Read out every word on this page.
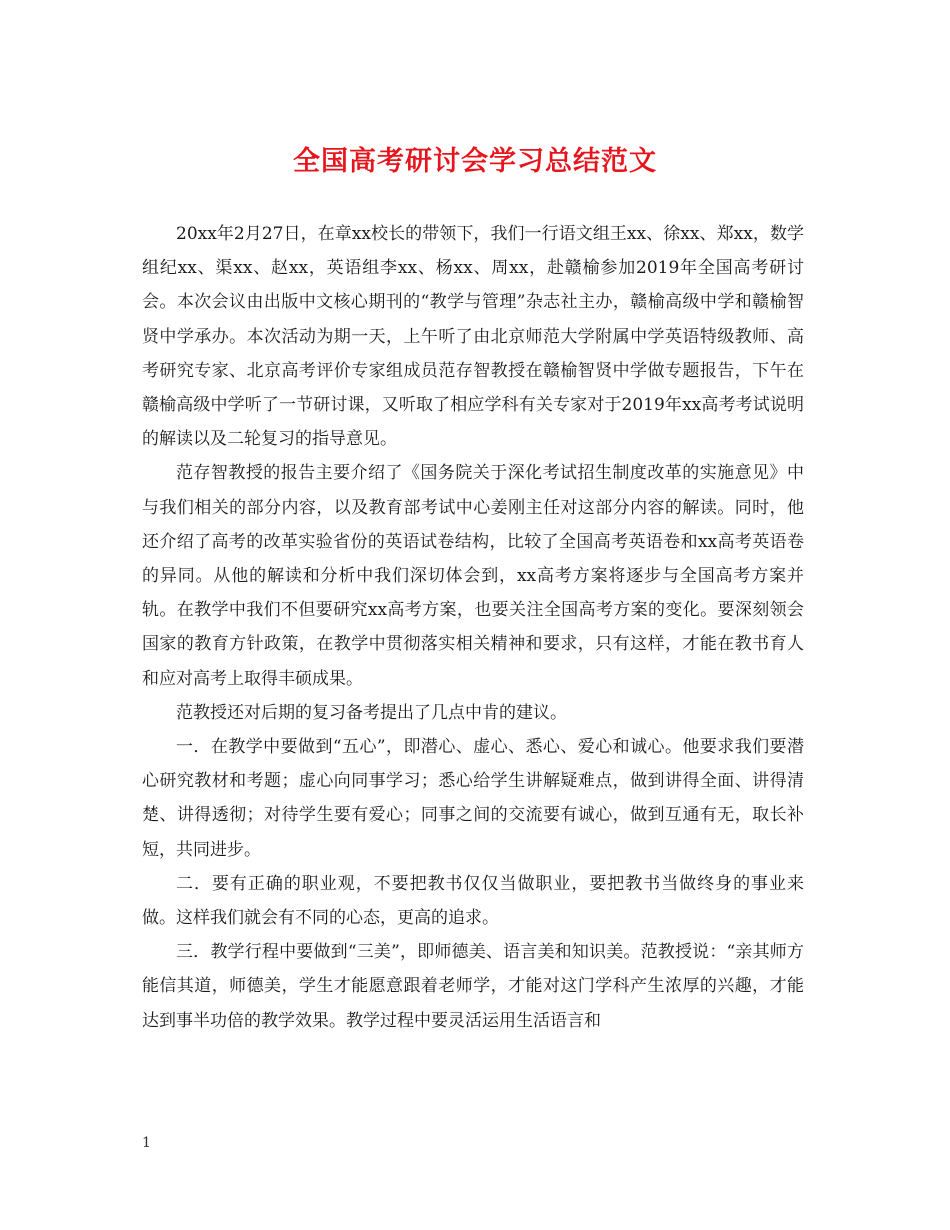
全国高考研讨会学习总结范文

20xx年2月27日，在章xx校长的带领下，我们一行语文组王xx、徐xx、郑xx，数学组纪xx、渠xx、赵xx，英语组李xx、杨xx、周xx，赴赣榆参加2019年全国高考研讨会。本次会议由出版中文核心期刊的“教学与管理”杂志社主办，赣榆高级中学和赣榆智贤中学承办。本次活动为期一天，上午听了由北京师范大学附属中学英语特级教师、高考研究专家、北京高考评价专家组成员范存智教授在赣榆智贤中学做专题报告，下午在赣榆高级中学听了一节研讨课，又听取了相应学科有关专家对于2019年xx高考考试说明的解读以及二轮复习的指导意见。

范存智教授的报告主要介绍了《国务院关于深化考试招生制度改革的实施意见》中与我们相关的部分内容，以及教育部考试中心姜刚主任对这部分内容的解读。同时，他还介绍了高考的改革实验省份的英语试卷结构，比较了全国高考英语卷和xx高考英语卷的异同。从他的解读和分析中我们深切体会到，xx高考方案将逐步与全国高考方案并轨。在教学中我们不但要研究xx高考方案，也要关注全国高考方案的变化。要深刻领会国家的教育方针政策，在教学中贯彻落实相关精神和要求，只有这样，才能在教书育人和应对高考上取得丰硕成果。

范教授还对后期的复习备考提出了几点中肯的建议。

一．在教学中要做到“五心”，即潜心、虚心、悉心、爱心和诚心。他要求我们要潜心研究教材和考题；虚心向同事学习；悉心给学生讲解疑难点，做到讲得全面、讲得清楚、讲得透彻；对待学生要有爱心；同事之间的交流要有诚心，做到互通有无，取长补短，共同进步。

二．要有正确的职业观，不要把教书仅仅当做职业，要把教书当做终身的事业来做。这样我们就会有不同的心态，更高的追求。

三．教学行程中要做到“三美”，即师德美、语言美和知识美。范教授说：“亲其师方能信其道，师德美，学生才能愿意跟着老师学，才能对这门学科产生浓厚的兴趣，才能达到事半功倍的教学效果。教学过程中要灵活运用生活语言和

1
